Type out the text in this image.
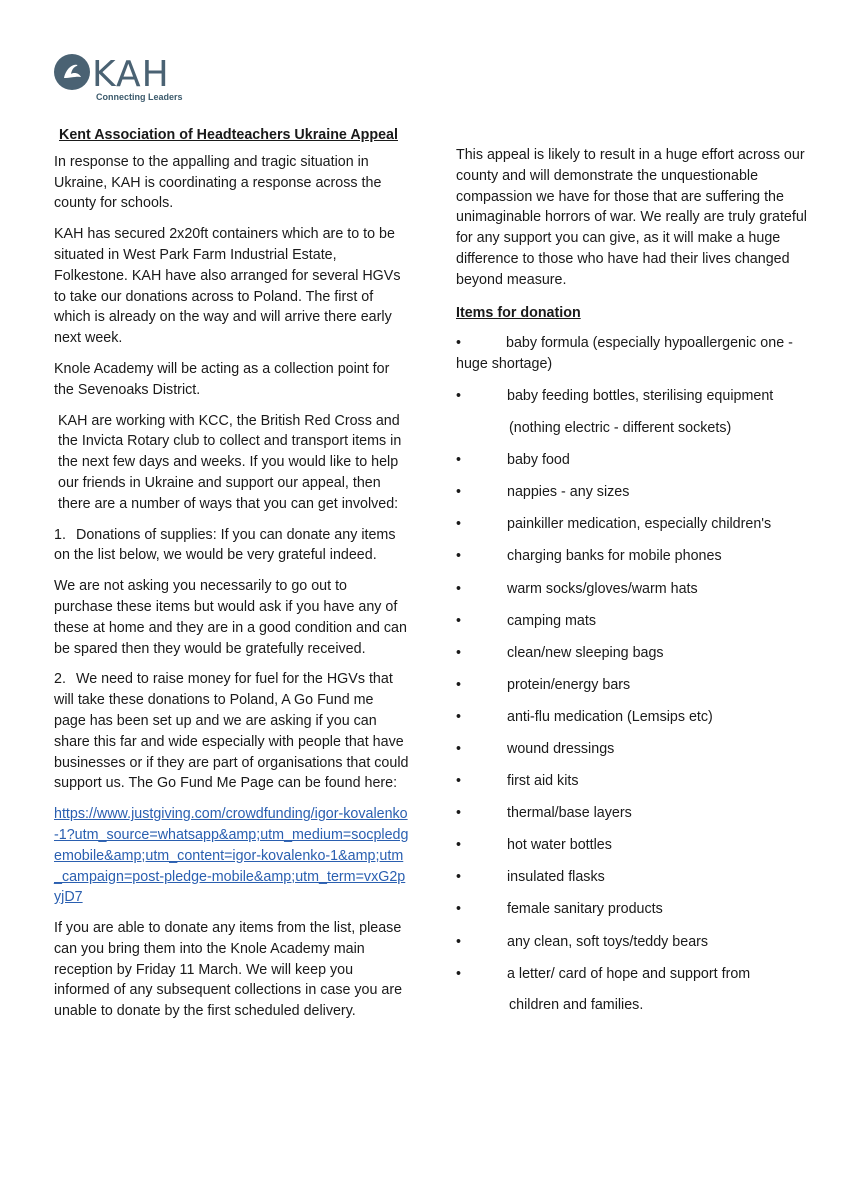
KAH
Connecting Leaders

Kent Association of Headteachers Ukraine Appeal

In response to the appalling and tragic situation in Ukraine, KAH is coordinating a response across the county for schools.

KAH has secured 2x20ft containers which are to to be situated in West Park Farm Industrial Estate, Folkestone. KAH have also arranged for several HGVs to take our donations across to Poland. The first of which is already on the way and will arrive there early next week.

Knole Academy will be acting as a collection point for the Sevenoaks District.

KAH are working with KCC, the British Red Cross and the Invicta Rotary club to collect and transport items in the next few days and weeks. If you would like to help our friends in Ukraine and support our appeal, then there are a number of ways that you can get involved:

1. Donations of supplies: If you can donate any items on the list below, we would be very grateful indeed.

We are not asking you necessarily to go out to purchase these items but would ask if you have any of these at home and they are in a good condition and can be spared then they would be gratefully received.

2. We need to raise money for fuel for the HGVs that will take these donations to Poland, A Go Fund me page has been set up and we are asking if you can share this far and wide especially with people that have businesses or if they are part of organisations that could support us. The Go Fund Me Page can be found here:

https://www.justgiving.com/crowdfunding/igor-kovalenko-1?utm_source=whatsapp&amp;utm_medium=socpledgemobile&amp;utm_content=igor-kovalenko-1&amp;utm_campaign=post-pledge-mobile&amp;utm_term=vxG2pyjD7

If you are able to donate any items from the list, please can you bring them into the Knole Academy main reception by Friday 11 March. We will keep you informed of any subsequent collections in case you are unable to donate by the first scheduled delivery.

This appeal is likely to result in a huge effort across our county and will demonstrate the unquestionable compassion we have for those that are suffering the unimaginable horrors of war. We really are truly grateful for any support you can give, as it will make a huge difference to those who have had their lives changed beyond measure.

Items for donation

•	baby formula (especially hypoallergenic one - huge shortage)
•	baby feeding bottles, sterilising equipment
(nothing electric - different sockets)
•	baby food
•	nappies - any sizes
•	painkiller medication, especially children's
•	charging banks for mobile phones
•	warm socks/gloves/warm hats
•	camping mats
•	clean/new sleeping bags
•	protein/energy bars
•	anti-flu medication (Lemsips etc)
•	wound dressings
•	first aid kits
•	thermal/base layers
•	hot water bottles
•	insulated flasks
•	female sanitary products
•	any clean, soft toys/teddy bears
•	a letter/ card of hope and support from
children and families.
